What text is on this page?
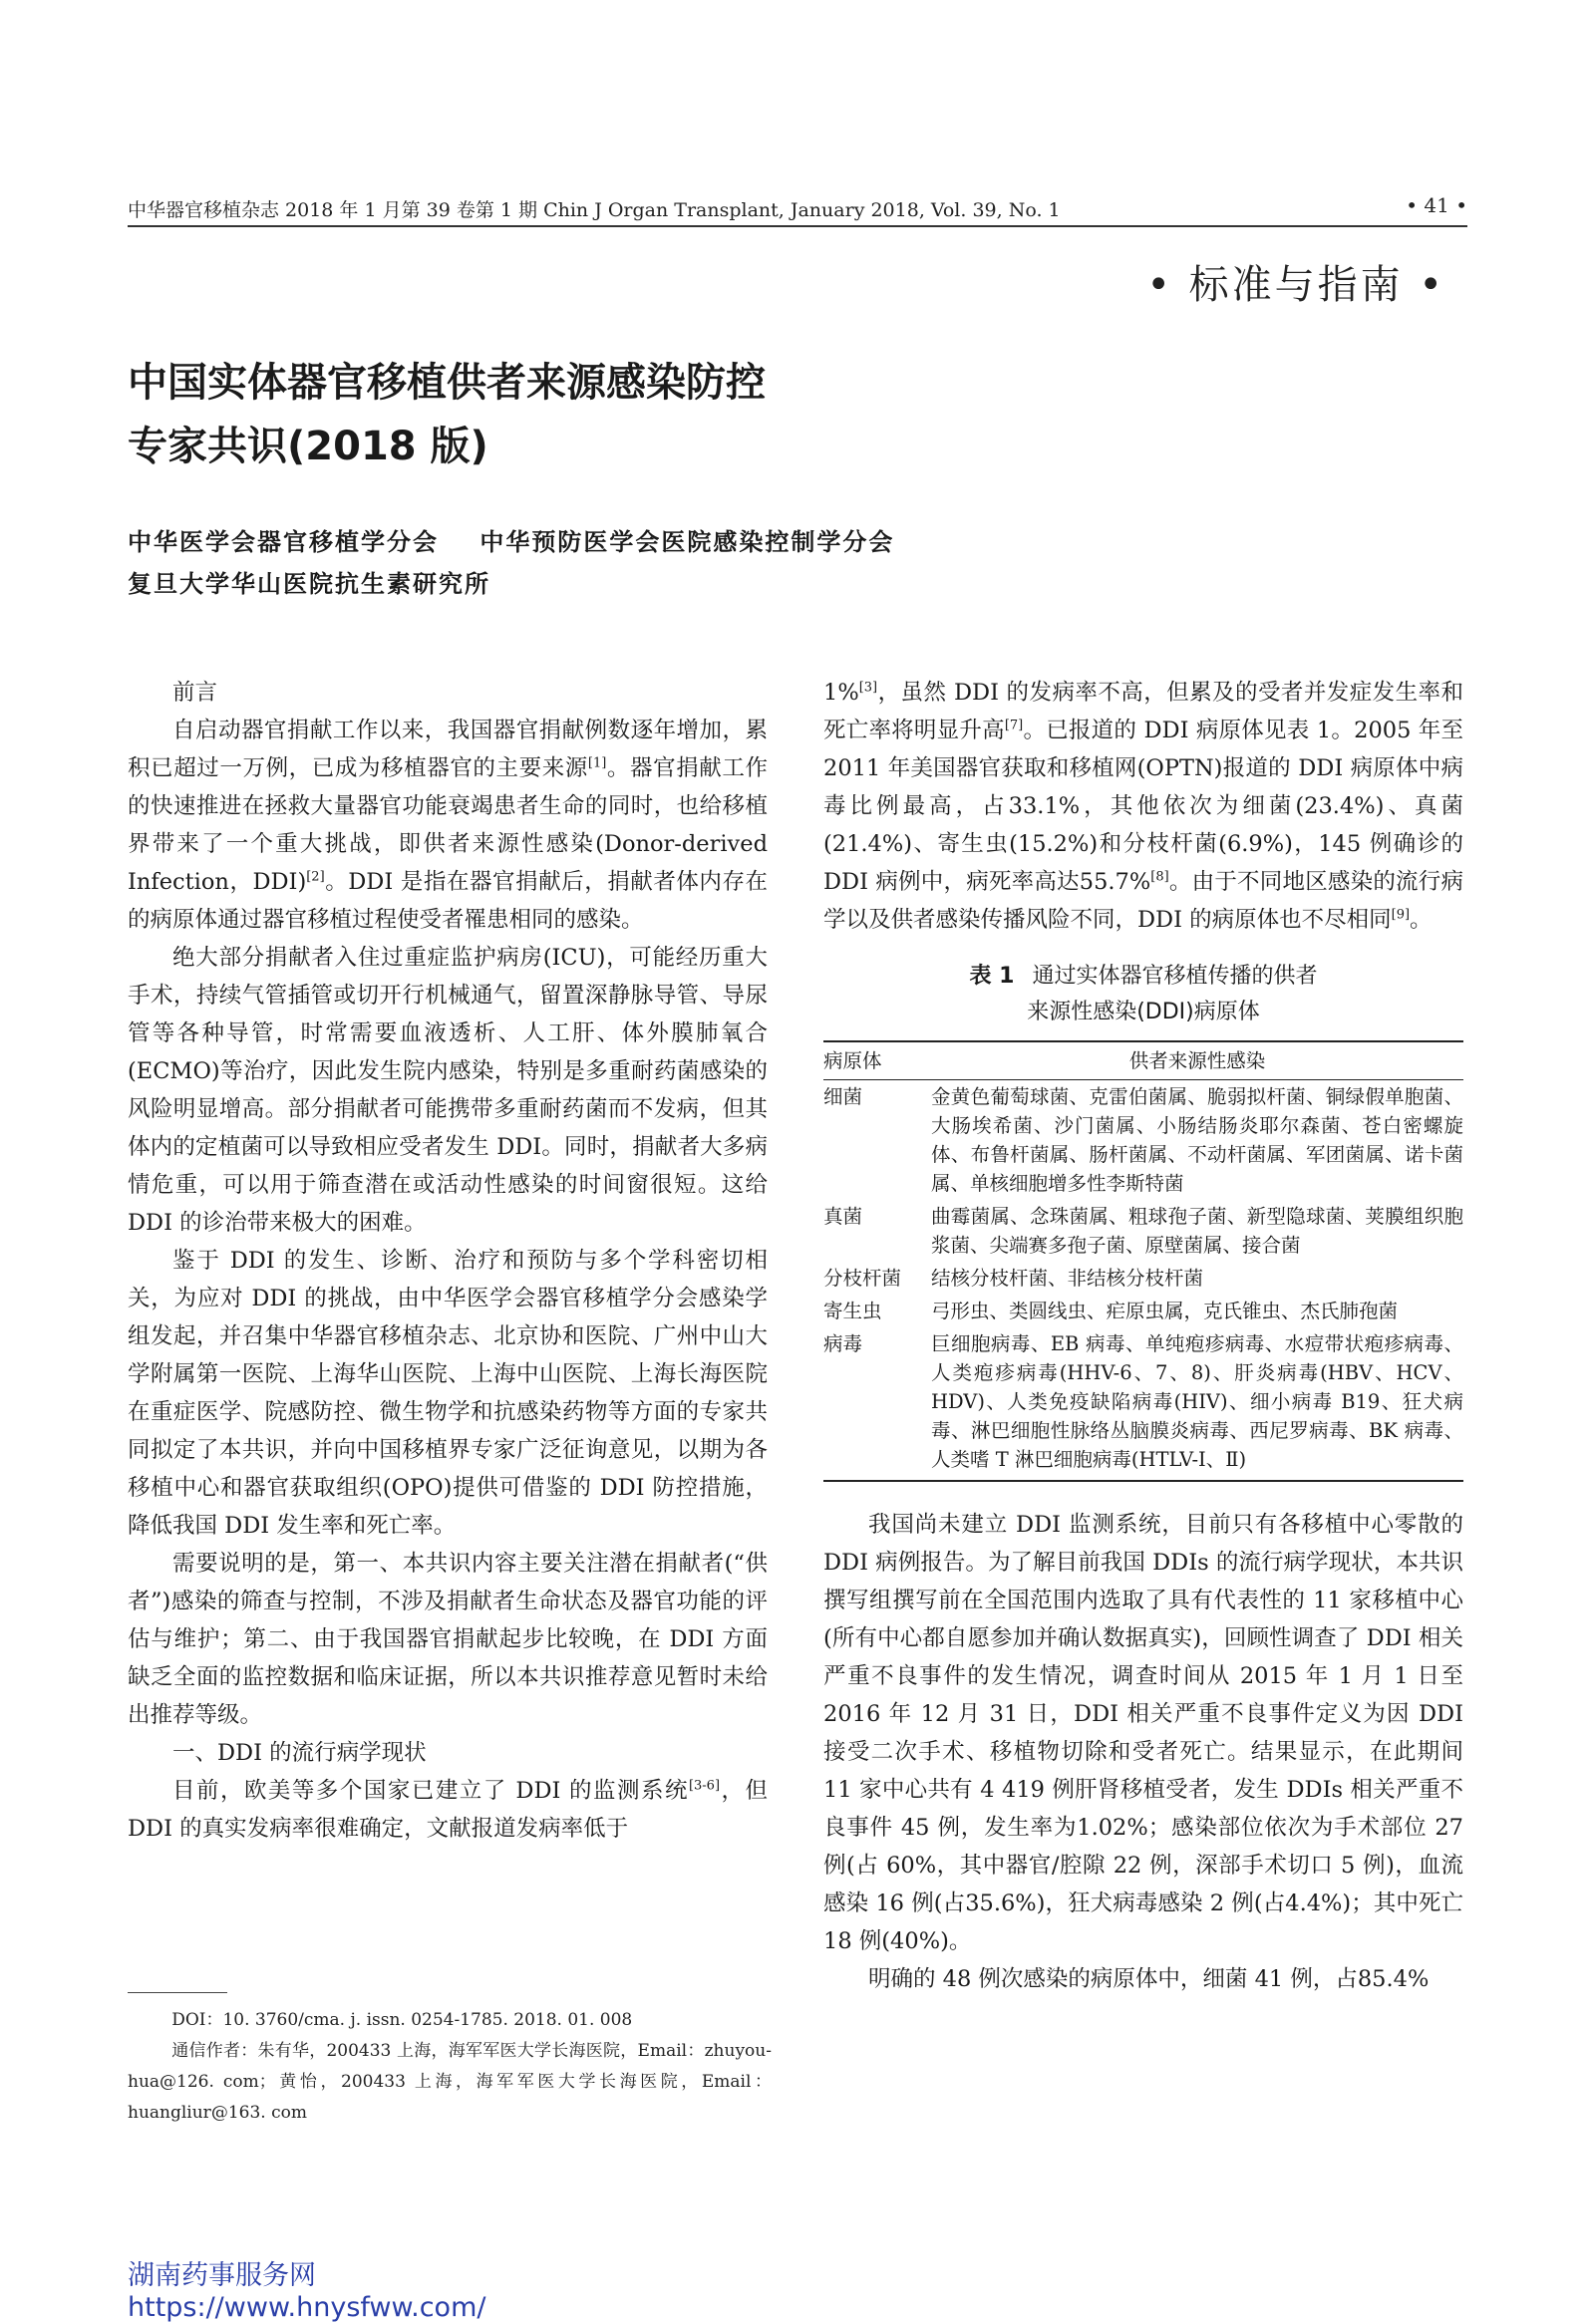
中华器官移植杂志 2018 年 1 月第 39 卷第 1 期 Chin J Organ Transplant, January 2018, Vol. 39, No. 1	• 41 •
• 标准与指南 •
中国实体器官移植供者来源感染防控
专家共识(2018 版)
中华医学会器官移植学分会    中华预防医学会医院感染控制学分会
复旦大学华山医院抗生素研究所

前言

自启动器官捐献工作以来，我国器官捐献例数逐年增加，累积已超过一万例，已成为移植器官的主要来源[1]。器官捐献工作的快速推进在拯救大量器官功能衰竭患者生命的同时，也给移植界带来了一个重大挑战，即供者来源性感染(Donor-derived Infection，DDI)[2]。DDI 是指在器官捐献后，捐献者体内存在的病原体通过器官移植过程使受者罹患相同的感染。

绝大部分捐献者入住过重症监护病房(ICU)，可能经历重大手术，持续气管插管或切开行机械通气，留置深静脉导管、导尿管等各种导管，时常需要血液透析、人工肝、体外膜肺氧合(ECMO)等治疗，因此发生院内感染，特别是多重耐药菌感染的风险明显增高。部分捐献者可能携带多重耐药菌而不发病，但其体内的定植菌可以导致相应受者发生 DDI。同时，捐献者大多病情危重，可以用于筛查潜在或活动性感染的时间窗很短。这给 DDI 的诊治带来极大的困难。

鉴于 DDI 的发生、诊断、治疗和预防与多个学科密切相关，为应对 DDI 的挑战，由中华医学会器官移植学分会感染学组发起，并召集中华器官移植杂志、北京协和医院、广州中山大学附属第一医院、上海华山医院、上海中山医院、上海长海医院在重症医学、院感防控、微生物学和抗感染药物等方面的专家共同拟定了本共识，并向中国移植界专家广泛征询意见，以期为各移植中心和器官获取组织(OPO)提供可借鉴的 DDI 防控措施，降低我国 DDI 发生率和死亡率。

需要说明的是，第一、本共识内容主要关注潜在捐献者(“供者”)感染的筛查与控制，不涉及捐献者生命状态及器官功能的评估与维护；第二、由于我国器官捐献起步比较晚，在 DDI 方面缺乏全面的监控数据和临床证据，所以本共识推荐意见暂时未给出推荐等级。

一、DDI 的流行病学现状

目前，欧美等多个国家已建立了 DDI 的监测系统[3-6]，但 DDI 的真实发病率很难确定，文献报道发病率低于

DOI：10. 3760/cma. j. issn. 0254-1785. 2018. 01. 008

通信作者：朱有华，200433 上海，海军军医大学长海医院，Email：zhuyou-hua@126. com；黄怡，200433 上海，海军军医大学长海医院，Email：huangliur@163. com

1%[3]，虽然 DDI 的发病率不高，但累及的受者并发症发生率和死亡率将明显升高[7]。已报道的 DDI 病原体见表 1。2005 年至 2011 年美国器官获取和移植网(OPTN)报道的 DDI 病原体中病毒比例最高，占33.1%，其他依次为细菌(23.4%)、真菌(21.4%)、寄生虫(15.2%)和分枝杆菌(6.9%)，145 例确诊的 DDI 病例中，病死率高达55.7%[8]。由于不同地区感染的流行病学以及供者感染传播风险不同，DDI 的病原体也不尽相同[9]。

表 1 通过实体器官移植传播的供者
来源性感染(DDI)病原体
病原体	供者来源性感染
细菌	金黄色葡萄球菌、克雷伯菌属、脆弱拟杆菌、铜绿假单胞菌、大肠埃希菌、沙门菌属、小肠结肠炎耶尔森菌、苍白密螺旋体、布鲁杆菌属、肠杆菌属、不动杆菌属、军团菌属、诺卡菌属、单核细胞增多性李斯特菌
真菌	曲霉菌属、念珠菌属、粗球孢子菌、新型隐球菌、荚膜组织胞浆菌、尖端赛多孢子菌、原壁菌属、接合菌
分枝杆菌	结核分枝杆菌、非结核分枝杆菌
寄生虫	弓形虫、类圆线虫、疟原虫属，克氏锥虫、杰氏肺孢菌
病毒	巨细胞病毒、EB 病毒、单纯疱疹病毒、水痘带状疱疹病毒、人类疱疹病毒(HHV-6、7、8)、肝炎病毒(HBV、HCV、HDV)、人类免疫缺陷病毒(HIV)、细小病毒 B19、狂犬病毒、淋巴细胞性脉络丛脑膜炎病毒、西尼罗病毒、BK 病毒、人类嗜 T 淋巴细胞病毒(HTLV-Ⅰ、Ⅱ)

我国尚未建立 DDI 监测系统，目前只有各移植中心零散的 DDI 病例报告。为了解目前我国 DDIs 的流行病学现状，本共识撰写组撰写前在全国范围内选取了具有代表性的 11 家移植中心(所有中心都自愿参加并确认数据真实)，回顾性调查了 DDI 相关严重不良事件的发生情况，调查时间从 2015 年 1 月 1 日至 2016 年 12 月 31 日，DDI 相关严重不良事件定义为因 DDI 接受二次手术、移植物切除和受者死亡。结果显示，在此期间 11 家中心共有 4 419 例肝肾移植受者，发生 DDIs 相关严重不良事件 45 例，发生率为1.02%；感染部位依次为手术部位 27 例(占 60%，其中器官/腔隙 22 例，深部手术切口 5 例)，血流感染 16 例(占35.6%)，狂犬病毒感染 2 例(占4.4%)；其中死亡 18 例(40%)。

明确的 48 例次感染的病原体中，细菌 41 例，占85.4%

湖南药事服务网
https://www.hnysfww.com/
